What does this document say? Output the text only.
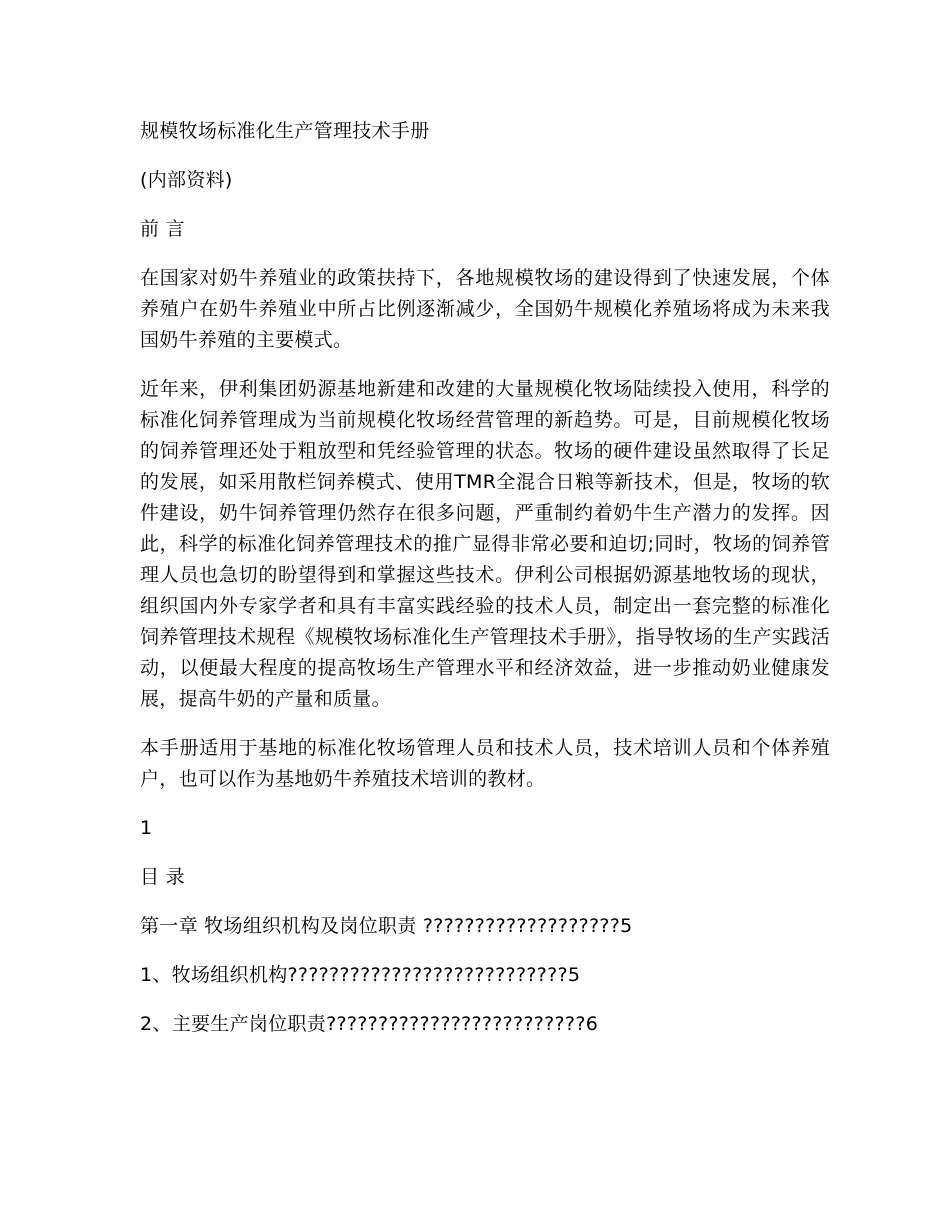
规模牧场标准化生产管理技术手册
(内部资料)
前 言
在国家对奶牛养殖业的政策扶持下，各地规模牧场的建设得到了快速发展，个体养殖户在奶牛养殖业中所占比例逐渐减少，全国奶牛规模化养殖场将成为未来我国奶牛养殖的主要模式。
近年来，伊利集团奶源基地新建和改建的大量规模化牧场陆续投入使用，科学的标准化饲养管理成为当前规模化牧场经营管理的新趋势。可是，目前规模化牧场的饲养管理还处于粗放型和凭经验管理的状态。牧场的硬件建设虽然取得了长足的发展，如采用散栏饲养模式、使用TMR全混合日粮等新技术，但是，牧场的软件建设，奶牛饲养管理仍然存在很多问题，严重制约着奶牛生产潜力的发挥。因此，科学的标准化饲养管理技术的推广显得非常必要和迫切;同时，牧场的饲养管理人员也急切的盼望得到和掌握这些技术。伊利公司根据奶源基地牧场的现状，组织国内外专家学者和具有丰富实践经验的技术人员，制定出一套完整的标准化饲养管理技术规程《规模牧场标准化生产管理技术手册》，指导牧场的生产实践活动，以便最大程度的提高牧场生产管理水平和经济效益，进一步推动奶业健康发展，提高牛奶的产量和质量。
本手册适用于基地的标准化牧场管理人员和技术人员，技术培训人员和个体养殖户，也可以作为基地奶牛养殖技术培训的教材。
1
目 录
第一章 牧场组织机构及岗位职责 ???????????????????5
1、牧场组织机构???????????????????????????5
2、主要生产岗位职责?????????????????????????6
